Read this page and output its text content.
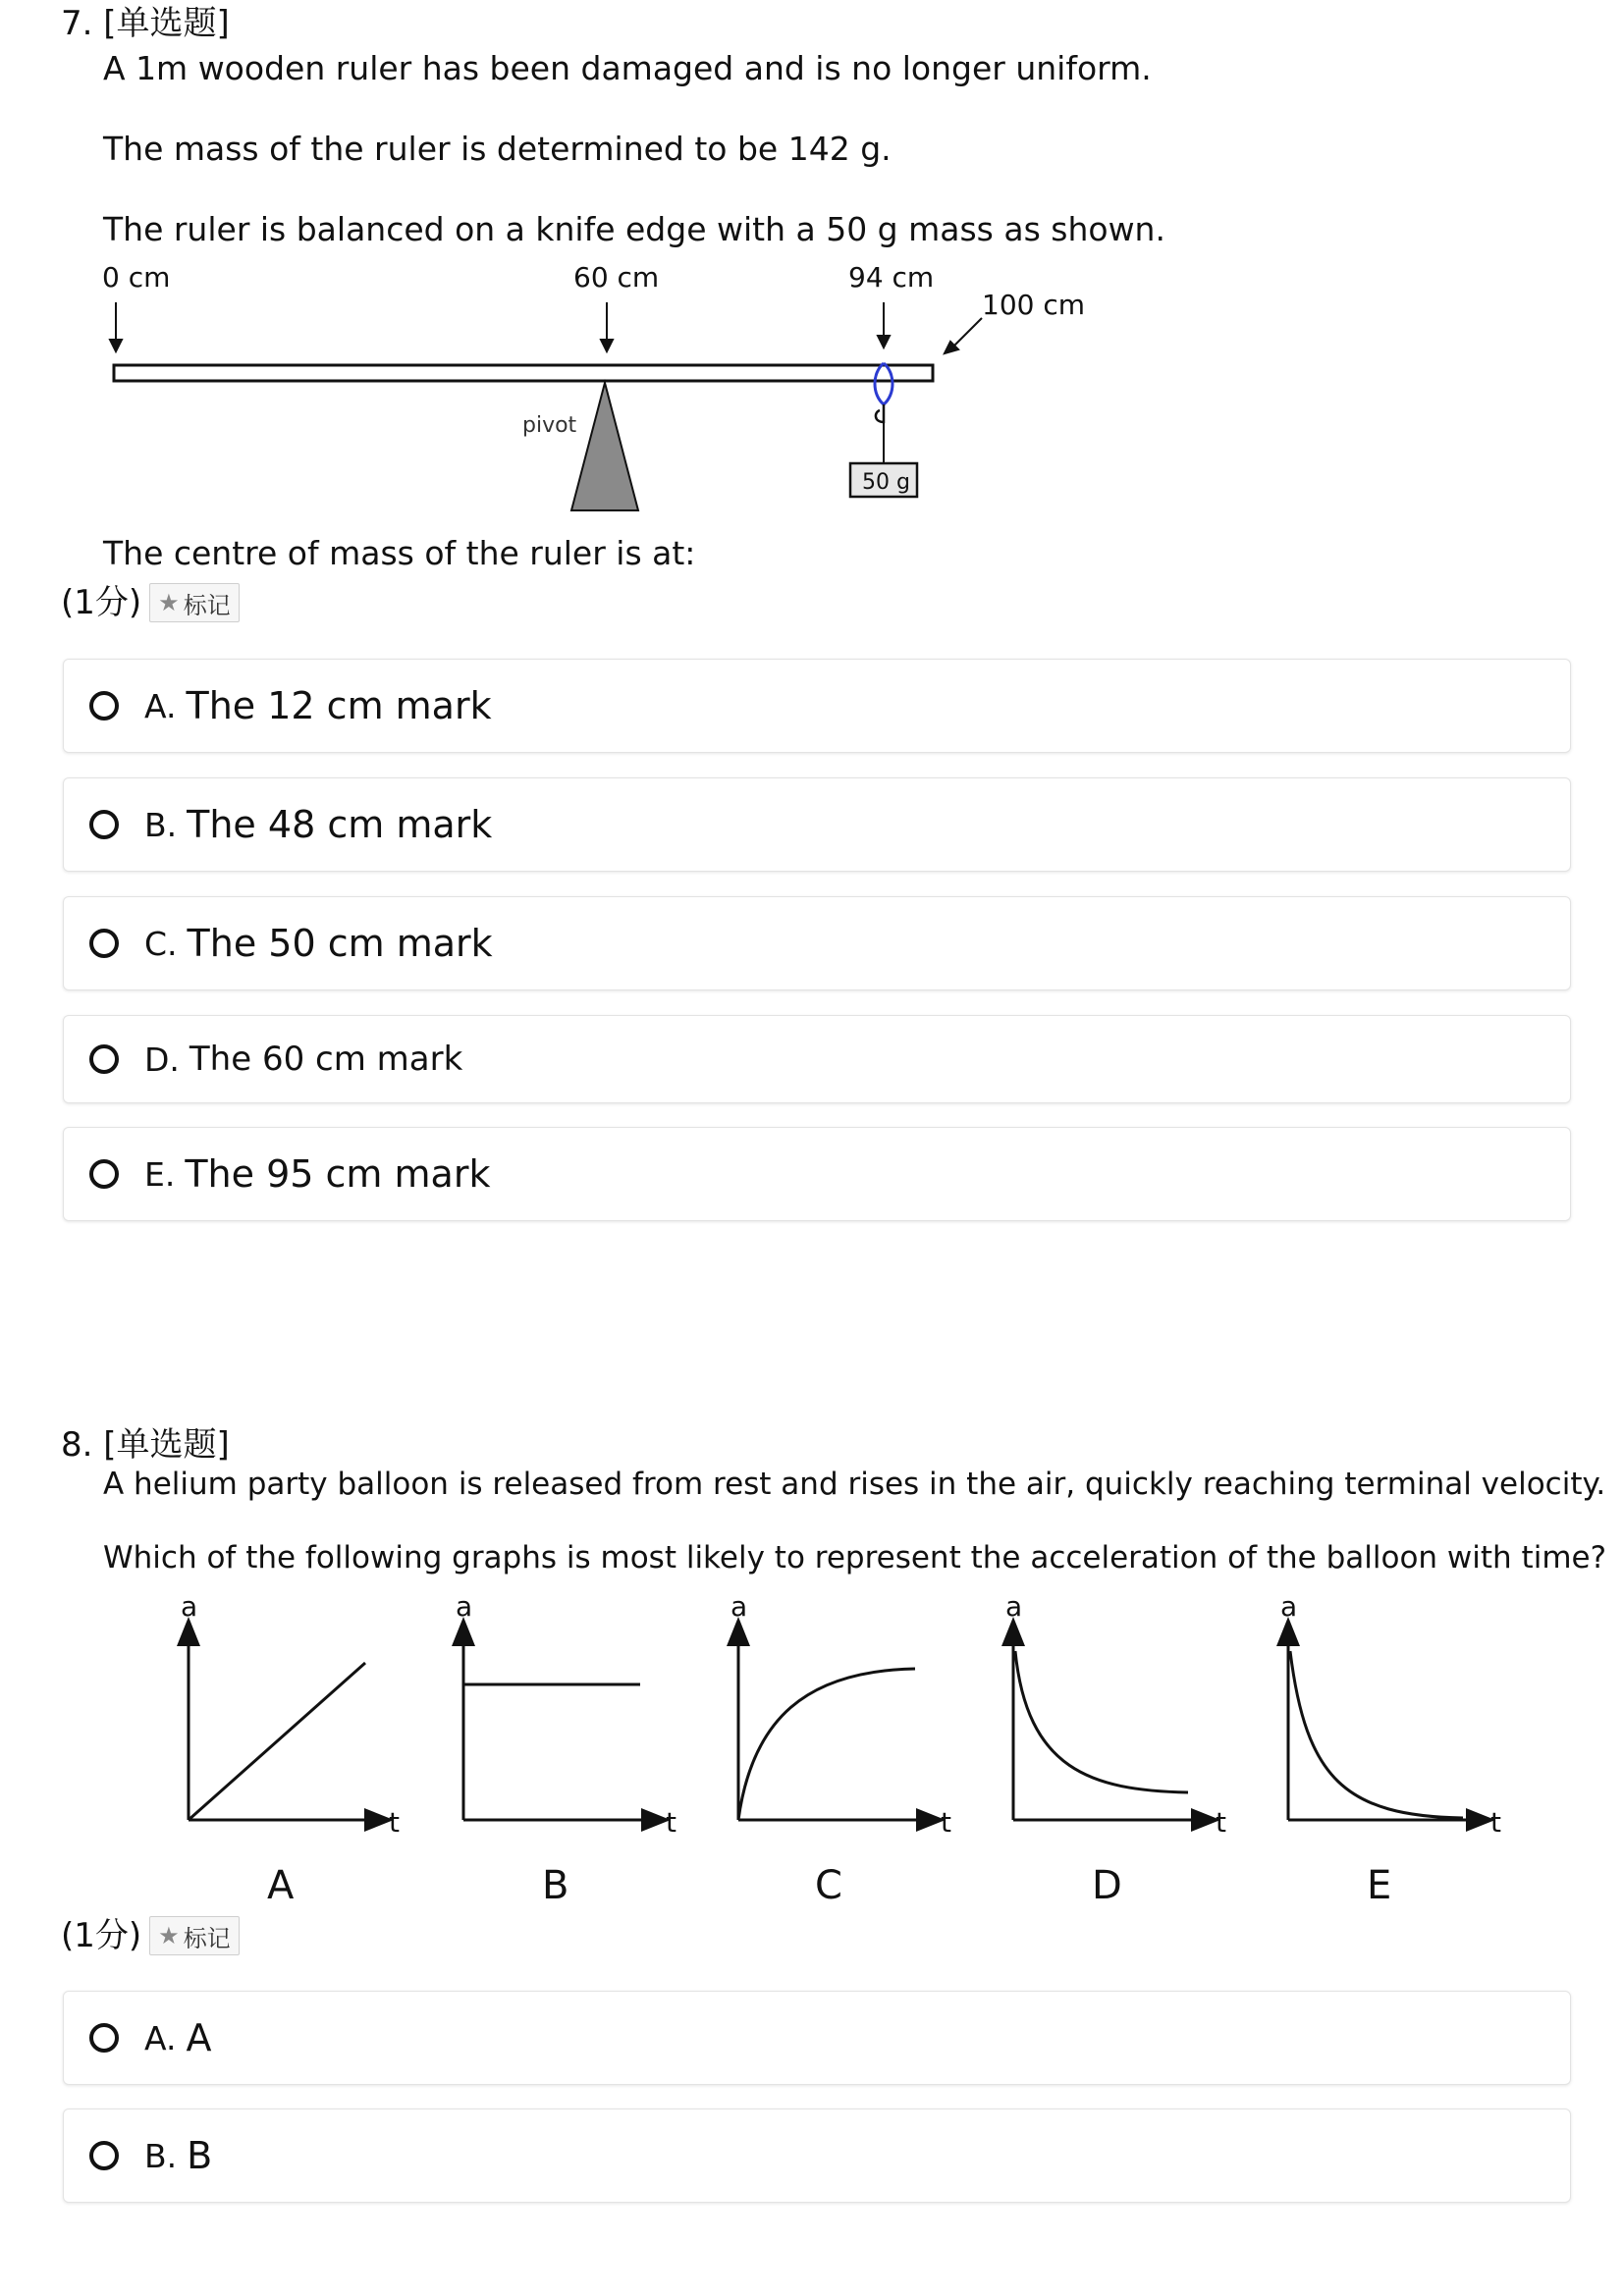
7. [单选题]
A 1m wooden ruler has been damaged and is no longer uniform.
The mass of the ruler is determined to be 142 g.
The ruler is balanced on a knife edge with a 50 g mass as shown.
0 cm	60 cm	94 cm
100 cm
pivot
50 g
The centre of mass of the ruler is at:
(1分) ★ 标记
A. The 12 cm mark
B. The 48 cm mark
C. The 50 cm mark
D. The 60 cm mark
E. The 95 cm mark
8. [单选题]
A helium party balloon is released from rest and rises in the air, quickly reaching terminal velocity.
Which of the following graphs is most likely to represent the acceleration of the balloon with time?
a	a	a	a	a
t	t	t	t	t
A	B	C	D	E
(1分) ★ 标记
A. A
B. B
